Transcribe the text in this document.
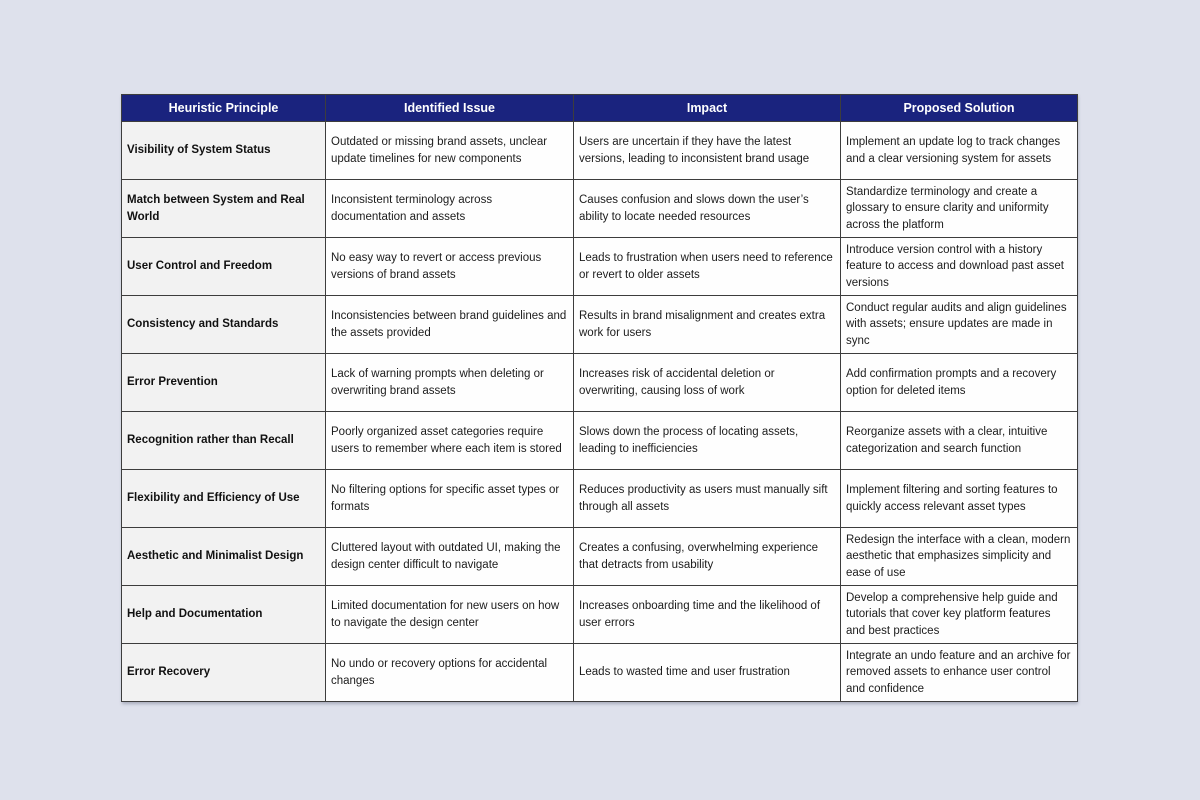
Heuristic Principle	Identified Issue	Impact	Proposed Solution
Visibility of System Status	Outdated or missing brand assets, unclear update timelines for new components	Users are uncertain if they have the latest versions, leading to inconsistent brand usage	Implement an update log to track changes and a clear versioning system for assets
Match between System and Real World	Inconsistent terminology across documentation and assets	Causes confusion and slows down the user’s ability to locate needed resources	Standardize terminology and create a glossary to ensure clarity and uniformity across the platform
User Control and Freedom	No easy way to revert or access previous versions of brand assets	Leads to frustration when users need to reference or revert to older assets	Introduce version control with a history feature to access and download past asset versions
Consistency and Standards	Inconsistencies between brand guidelines and the assets provided	Results in brand misalignment and creates extra work for users	Conduct regular audits and align guidelines with assets; ensure updates are made in sync
Error Prevention	Lack of warning prompts when deleting or overwriting brand assets	Increases risk of accidental deletion or overwriting, causing loss of work	Add confirmation prompts and a recovery option for deleted items
Recognition rather than Recall	Poorly organized asset categories require users to remember where each item is stored	Slows down the process of locating assets, leading to inefficiencies	Reorganize assets with a clear, intuitive categorization and search function
Flexibility and Efficiency of Use	No filtering options for specific asset types or formats	Reduces productivity as users must manually sift through all assets	Implement filtering and sorting features to quickly access relevant asset types
Aesthetic and Minimalist Design	Cluttered layout with outdated UI, making the design center difficult to navigate	Creates a confusing, overwhelming experience that detracts from usability	Redesign the interface with a clean, modern aesthetic that emphasizes simplicity and ease of use
Help and Documentation	Limited documentation for new users on how to navigate the design center	Increases onboarding time and the likelihood of user errors	Develop a comprehensive help guide and tutorials that cover key platform features and best practices
Error Recovery	No undo or recovery options for accidental changes	Leads to wasted time and user frustration	Integrate an undo feature and an archive for removed assets to enhance user control and confidence
